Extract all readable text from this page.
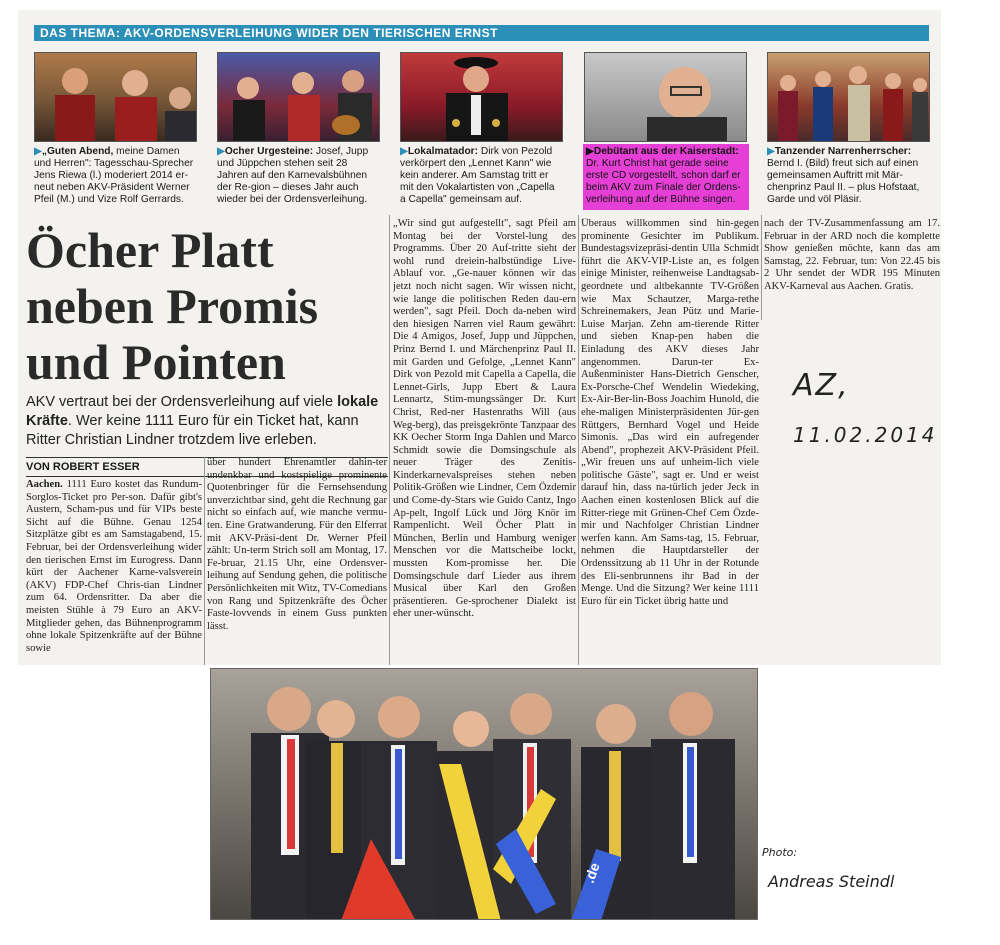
DAS THEMA: AKV-ORDENSVERLEIHUNG WIDER DEN TIERISCHEN ERNST
▶„Guten Abend, meine Damen und Herren": Tagesschau-Sprecher Jens Riewa (l.) moderiert 2014 er-neut neben AKV-Präsident Werner Pfeil (M.) und Vize Rolf Gerrards.
▶Öcher Urgesteine: Josef, Jupp und Jüppchen stehen seit 28 Jahren auf den Karnevalsbühnen der Re-gion – dieses Jahr auch wieder bei der Ordensverleihung.
▶Lokalmatador: Dirk von Pezold verkörpert den „Lennet Kann" wie kein anderer. Am Samstag tritt er mit den Vokalartisten von „Capella a Capella" gemeinsam auf.
▶Debütant aus der Kaiserstadt: Dr. Kurt Christ hat gerade seine erste CD vorgestellt, schon darf er beim AKV zum Finale der Ordens-verleihung auf der Bühne singen.
▶Tanzender Narrenherrscher: Bernd I. (Bild) freut sich auf einen gemeinsamen Auftritt mit Mär-chenprinz Paul II. – plus Hofstaat, Garde und völ Pläsir.
Öcher Platt neben Promis und Pointen
AKV vertraut bei der Ordensverleihung auf viele lokale Kräfte. Wer keine 1111 Euro für ein Ticket hat, kann Ritter Christian Lindner trotzdem live erleben.
VON ROBERT ESSER

Aachen. 1111 Euro kostet das Rundum-Sorglos-Ticket pro Per-son. Dafür gibt's Austern, Scham-pus und für VIPs beste Sicht auf die Bühne. Genau 1254 Sitzplätze gibt es am Samstagabend, 15. Februar, bei der Ordensverleihung wider den tierischen Ernst im Eurogress. Dann kürt der Aachener Karne-valsverein (AKV) FDP-Chef Chris-tian Lindner zum 64. Ordensritter. Da aber die meisten Stühle à 79 Euro an AKV-Mitglieder gehen, das Bühnenprogramm ohne lokale Spitzenkräfte auf der Bühne sowie

über hundert Ehrenamtler dahin-ter undenkbar und kostspielige prominente Quotenbringer für die Fernsehsendung unverzichtbar sind, geht die Rechnung gar nicht so einfach auf, wie manche vermu-ten. Eine Gratwanderung. Für den Elferrat mit AKV-Präsi-dent Dr. Werner Pfeil zählt: Un-term Strich soll am Montag, 17. Fe-bruar, 21.15 Uhr, eine Ordensver-leihung auf Sendung gehen, die politische Persönlichkeiten mit Witz, TV-Comedians von Rang und Spitzenkräfte des Öcher Faste-lovvends in einem Guss punkten lässt.

„Wir sind gut aufgestellt", sagt Pfeil am Montag bei der Vorstel-lung des Programms. Über 20 Auf-tritte sieht der wohl rund dreiein-halbstündige Live-Ablauf vor. „Ge-nauer können wir das jetzt noch nicht sagen. Wir wissen nicht, wie lange die politischen Reden dau-ern werden", sagt Pfeil. Doch da-neben wird den hiesigen Narren viel Raum gewährt: Die 4 Amigos, Josef, Jupp und Jüppchen, Prinz Bernd I. und Märchenprinz Paul II. mit Garden und Gefolge, „Lennet Kann" Dirk von Pezold mit Capella a Capella, die Lennet-Girls, Jupp Ebert & Laura Lennartz, Stim-mungssänger Dr. Kurt Christ, Red-ner Hastenraths Will (aus Weg-berg), das preisgekrönte Tanzpaar des KK Oecher Storm Inga Dahlen und Marco Schmidt sowie die Domsingschule als neuer Träger des Zenitis-Kinderkarnevalspreises stehen neben Politik-Größen wie Lindner, Cem Özdemir und Come-dy-Stars wie Guido Cantz, Ingo Ap-pelt, Ingolf Lück und Jörg Knör im Rampenlicht. Weil Öcher Platt in München, Berlin und Hamburg weniger Menschen vor die Mattscheibe lockt, mussten Kom-promisse her. Die Domsingschule darf Lieder aus ihrem Musical über Karl den Großen präsentieren. Ge-sprochener Dialekt ist eher uner-wünscht.

Überaus willkommen sind hin-gegen prominente Gesichter im Publikum. Bundestagsvizepräsi-dentin Ulla Schmidt führt die AKV-VIP-Liste an, es folgen einige Minister, reihenweise Landtagsab-geordnete und altbekannte TV-Größen wie Max Schautzer, Marga-rethe Schreinemakers, Jean Pütz und Marie-Luise Marjan. Zehn am-tierende Ritter und sieben Knap-pen haben die Einladung des AKV dieses Jahr angenommen. Darun-ter Ex-Außenminister Hans-Dietrich Genscher, Ex-Porsche-Chef Wendelin Wiedeking, Ex-Air-Ber-lin-Boss Joachim Hunold, die ehe-maligen Ministerpräsidenten Jür-gen Rüttgers, Bernhard Vogel und Heide Simonis. „Das wird ein aufregender Abend", prophezeit AKV-Präsident Pfeil. „Wir freuen uns auf unheim-lich viele politische Gäste", sagt er. Und er weist darauf hin, dass na-türlich jeder Jeck in Aachen einen kostenlosen Blick auf die Ritter-riege mit Grünen-Chef Cem Özde-mir und Nachfolger Christian Lindner werfen kann. Am Sams-tag, 15. Februar, nehmen die Hauptdarsteller der Ordenssitzung ab 11 Uhr in der Rotunde des Eli-senbrunnens ihr Bad in der Menge. Und die Sitzung? Wer keine 1111 Euro für ein Ticket übrig hatte und

nach der TV-Zusammenfassung am 17. Februar in der ARD noch die komplette Show genießen möchte, kann das am Samstag, 22. Februar, tun: Von 22.45 bis 2 Uhr sendet der WDR 195 Minuten AKV-Karneval aus Aachen. Gratis.

AZ,
11.02.2014
.de
Photo:
Andreas Steindl
